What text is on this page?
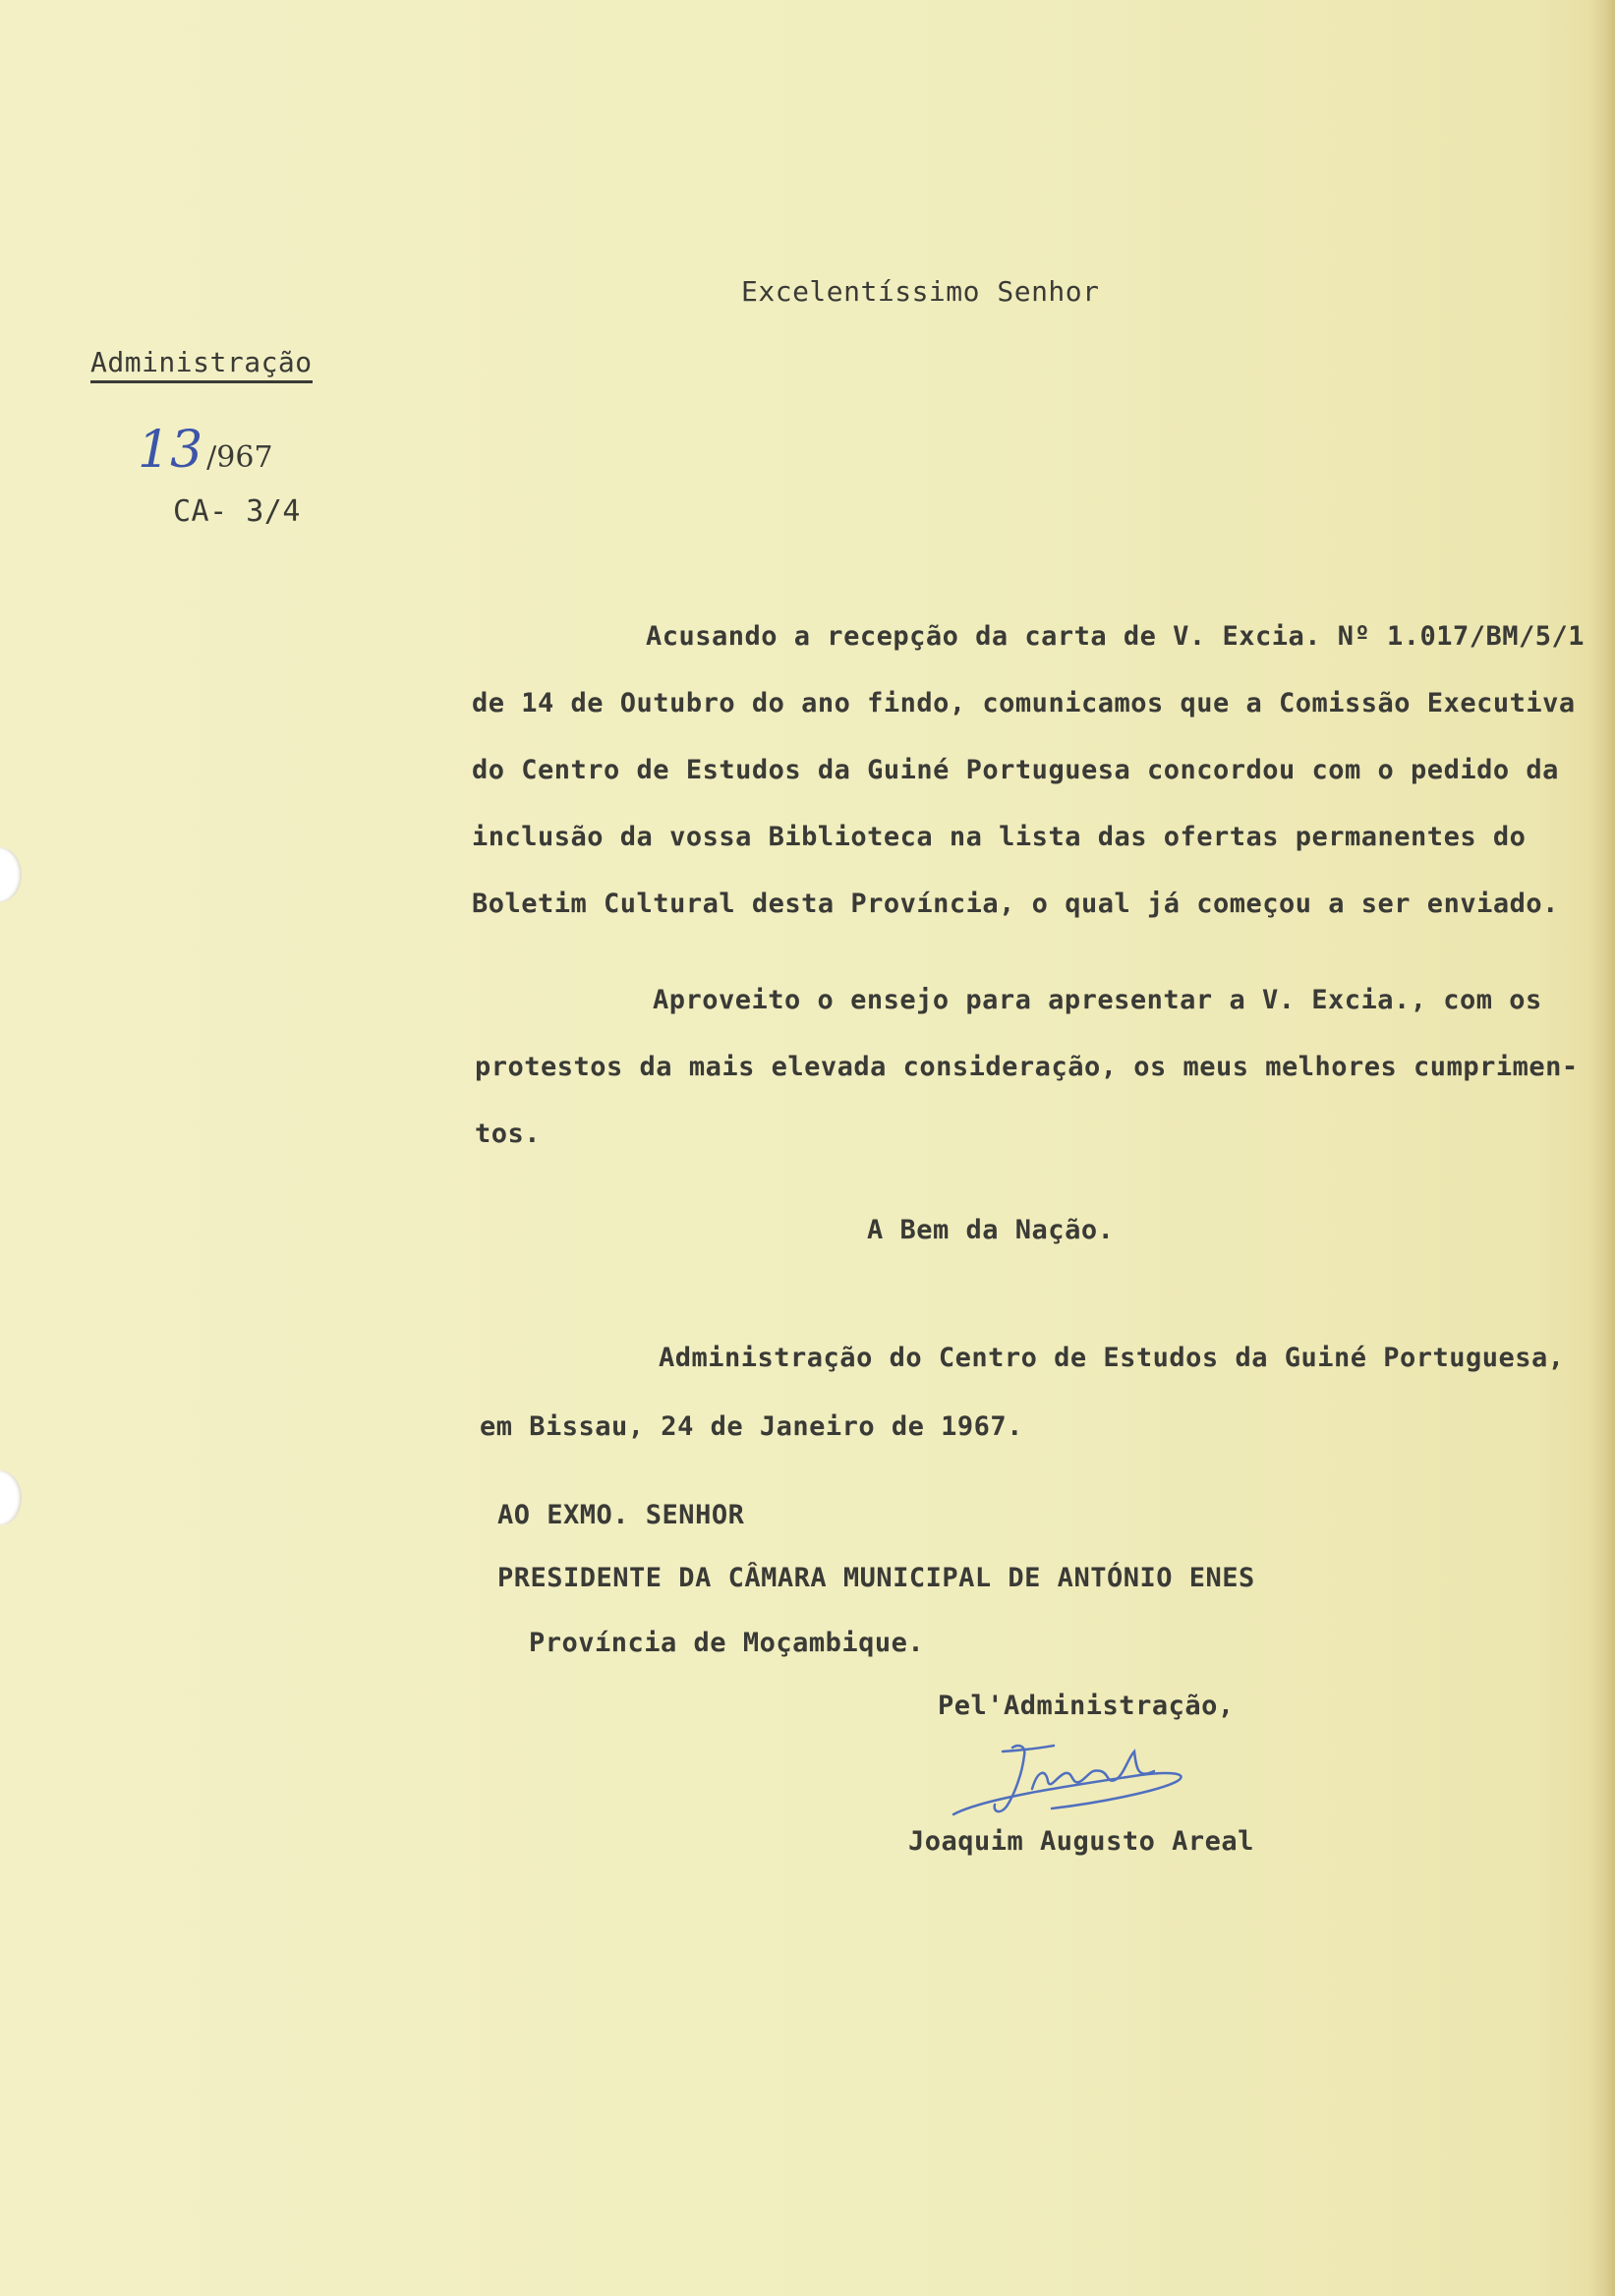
Excelentíssimo Senhor
Administração
13 /967
CA- 3/4
Acusando a recepção da carta de V. Excia. Nº 1.017/BM/5/1
de 14 de Outubro do ano findo, comunicamos que a Comissão Executiva
do Centro de Estudos da Guiné Portuguesa concordou com o pedido da
inclusão da vossa Biblioteca na lista das ofertas permanentes do
Boletim Cultural desta Província, o qual já começou a ser enviado.
Aproveito o ensejo para apresentar a V. Excia., com os
protestos da mais elevada consideração, os meus melhores cumprimen-
tos.
A Bem da Nação.
Administração do Centro de Estudos da Guiné Portuguesa,
em Bissau, 24 de Janeiro de 1967.
AO EXMO. SENHOR
PRESIDENTE DA CÂMARA MUNICIPAL DE ANTÓNIO ENES
Província de Moçambique.
Pel'Administração,
Joaquim Augusto Areal
